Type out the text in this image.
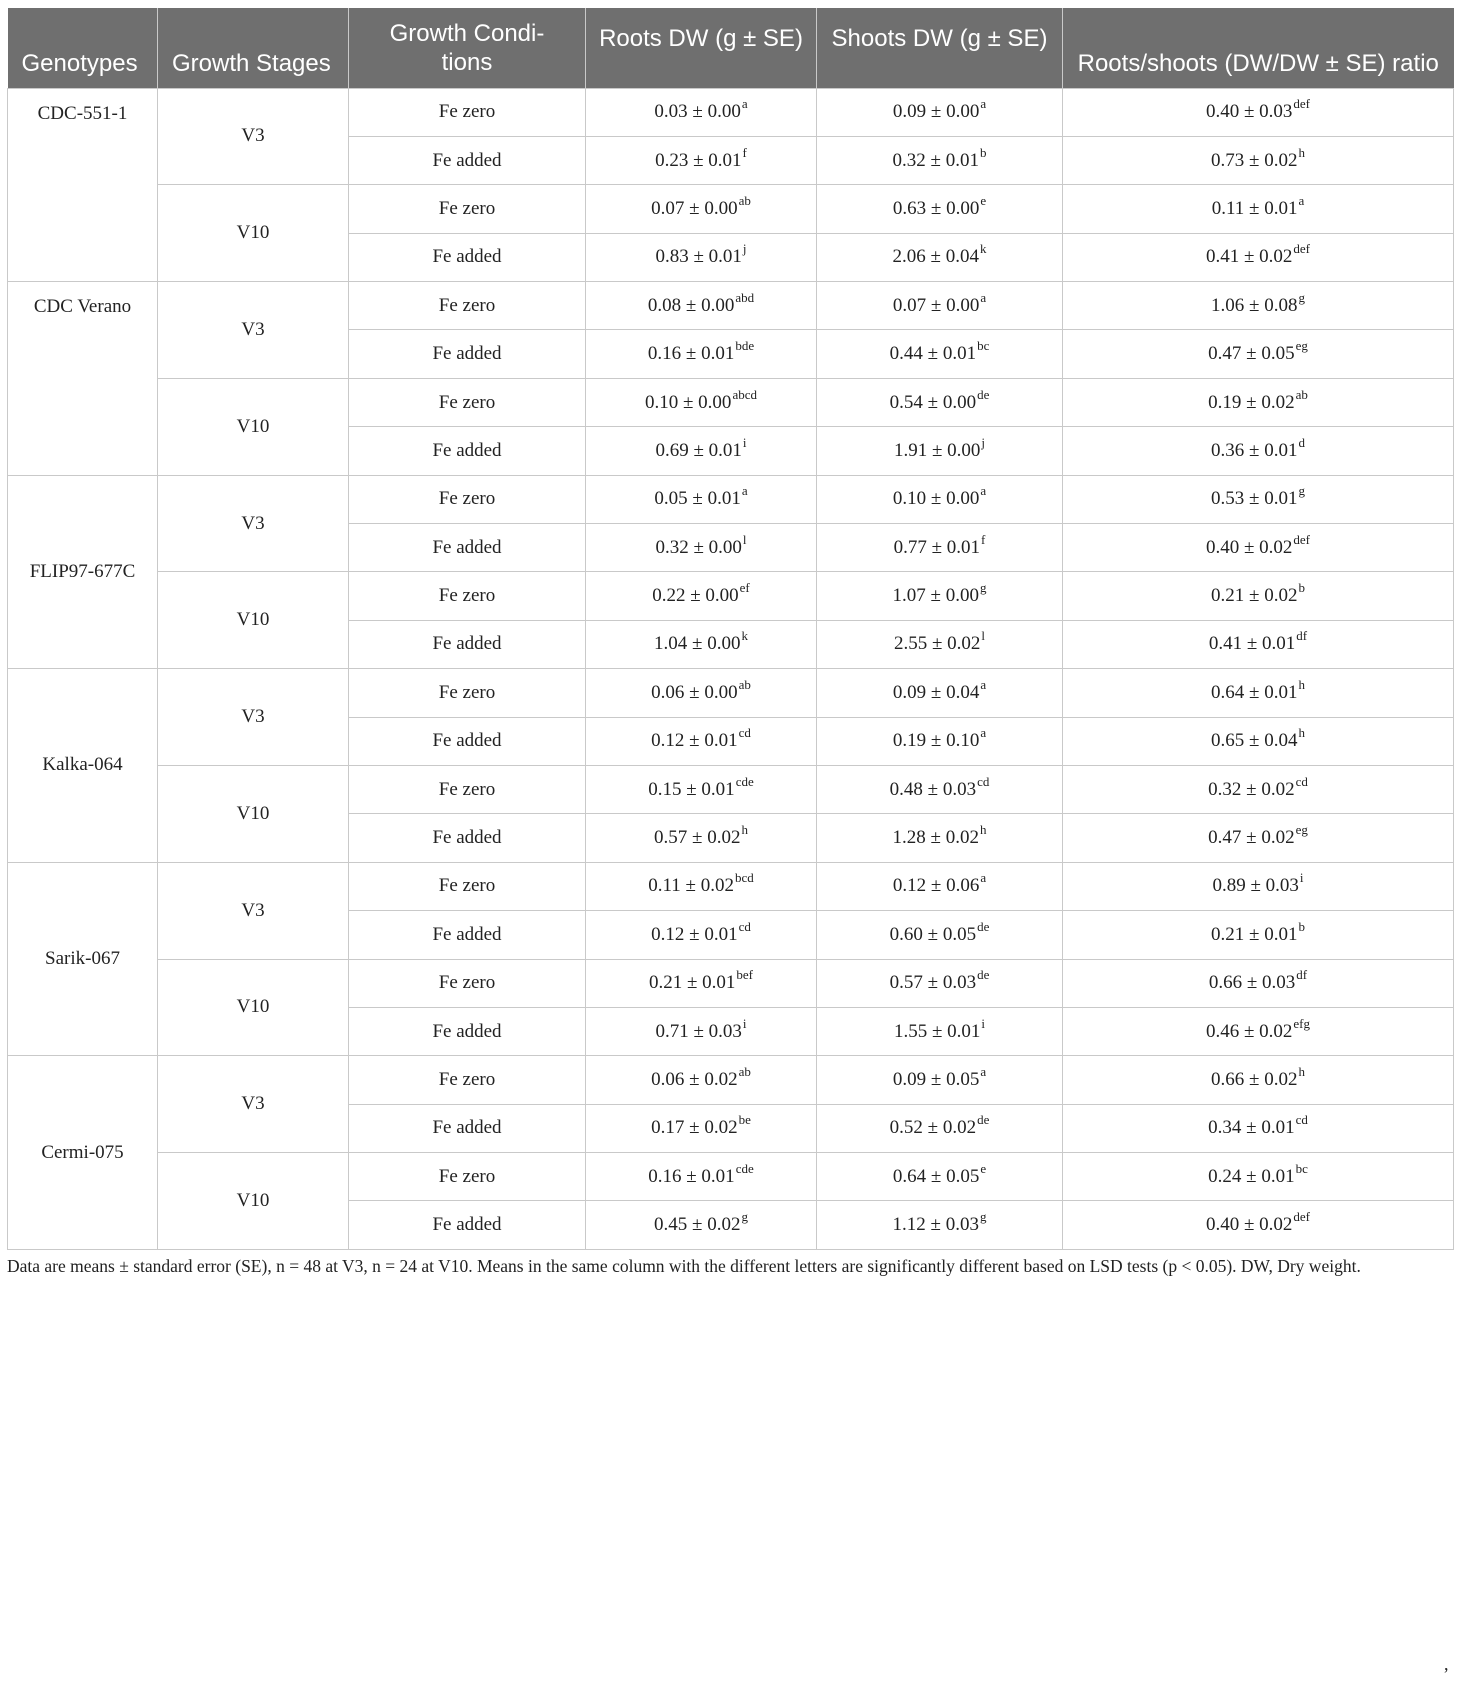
Genotypes	Growth Stages	Growth Condi-
tions	Roots DW (g ± SE)	Shoots DW (g ± SE)	Roots/shoots (DW/DW ± SE) ratio
CDC-551-1	V3	Fe zero	0.03 ± 0.00$^a$	0.09 ± 0.00$^a$	0.40 ± 0.03$^{def}$
		Fe added	0.23 ± 0.01$^f$	0.32 ± 0.01$^b$	0.73 ± 0.02$^h$
	V10	Fe zero	0.07 ± 0.00$^{ab}$	0.63 ± 0.00$^e$	0.11 ± 0.01$^a$
		Fe added	$0.83 \pm 0.01^j$	$2.06 \pm 0.04^k$	0.41 ± 0.02$^{def}$
CDC Verano	V3	Fe zero	0.08 ± 0.00$^{abd}$	0.07 ± 0.00$^a$	1.06 ± 0.08$^g$
		Fe added	0.16 ± 0.01$^{bde}$	0.44 ± 0.01$^{bc}$	0.47 ± 0.05$^{eg}$
	V10	Fe zero	$0.10 \pm 0.00^{abcd}$	0.54 ± 0.00de	0.19 ± 0.02$^{ab}$
		Fe added	$0.69 \pm 0.01^i$	$1.91 \pm 0.00^j$	0.36 ± 0.01$^d$
FLIP97-677C	V3	Fe zero	0.05 ± 0.01$^a$	0.10 ± 0.00$^a$	0.53 ± 0.01$^g$
		Fe added	$0.32 \pm 0.00^l$	0.77 ± 0.01$^f$	0.40 ± 0.02$^{def}$
	V10	Fe zero	0.22 ± 0.00$^{ef}$	1.07 ± 0.00$^g$	0.21 ± 0.02$^b$
		Fe added	$1.04 \pm 0.00^k$	$2.55 \pm 0.02^l$	0.41 ± 0.01$^{df}$
Kalka-064	V3	Fe zero	0.06 ± 0.00$^{ab}$	0.09 ± 0.04$^a$	0.64 ± 0.01$^h$
		Fe added	0.12 ± 0.01$^{cd}$	0.19 ± 0.10$^a$	0.65 ± 0.04$^h$
	V10	Fe zero	0.15 ± 0.01$^{cde}$	0.48 ± 0.03$^{cd}$	0.32 ± 0.02$^{cd}$
		Fe added	0.57 ± 0.02$^h$	1.28 ± 0.02$^h$	0.47 ± 0.02$^{eg}$
Sarik-067	V3	Fe zero	0.11 ± 0.02$^{bcd}$	0.12 ± 0.06$^a$	$0.89 \pm 0.03^i$
		Fe added	0.12 ± 0.01$^{cd}$	0.60 ± 0.05de	0.21 ± 0.01$^b$
	V10	Fe zero	0.21 ± 0.01$^{bef}$	0.57 ± 0.03de	0.66 ± 0.03$^{df}$
		Fe added	$0.71 \pm 0.03^i$	$1.55 \pm 0.01^i$	0.46 ± 0.02$^{efg}$
Cermi-075	V3	Fe zero	0.06 ± 0.02$^{ab}$	0.09 ± 0.05$^a$	0.66 ± 0.02$^h$
		Fe added	0.17 ± 0.02$^{be}$	0.52 ± 0.02de	0.34 ± 0.01$^{cd}$
	V10	Fe zero	0.16 ± 0.01$^{cde}$	0.64 ± 0.05$^e$	0.24 ± 0.01$^{bc}$
		Fe added	0.45 ± 0.02$^g$	1.12 ± 0.03$^g$	0.40 ± 0.02$^{def}$
Data are means ± standard error (SE), n = 48 at V3, n = 24 at V10. Means in the same column with the different letters are significantly different based on LSD tests (p < 0.05). DW, Dry weight.
,
